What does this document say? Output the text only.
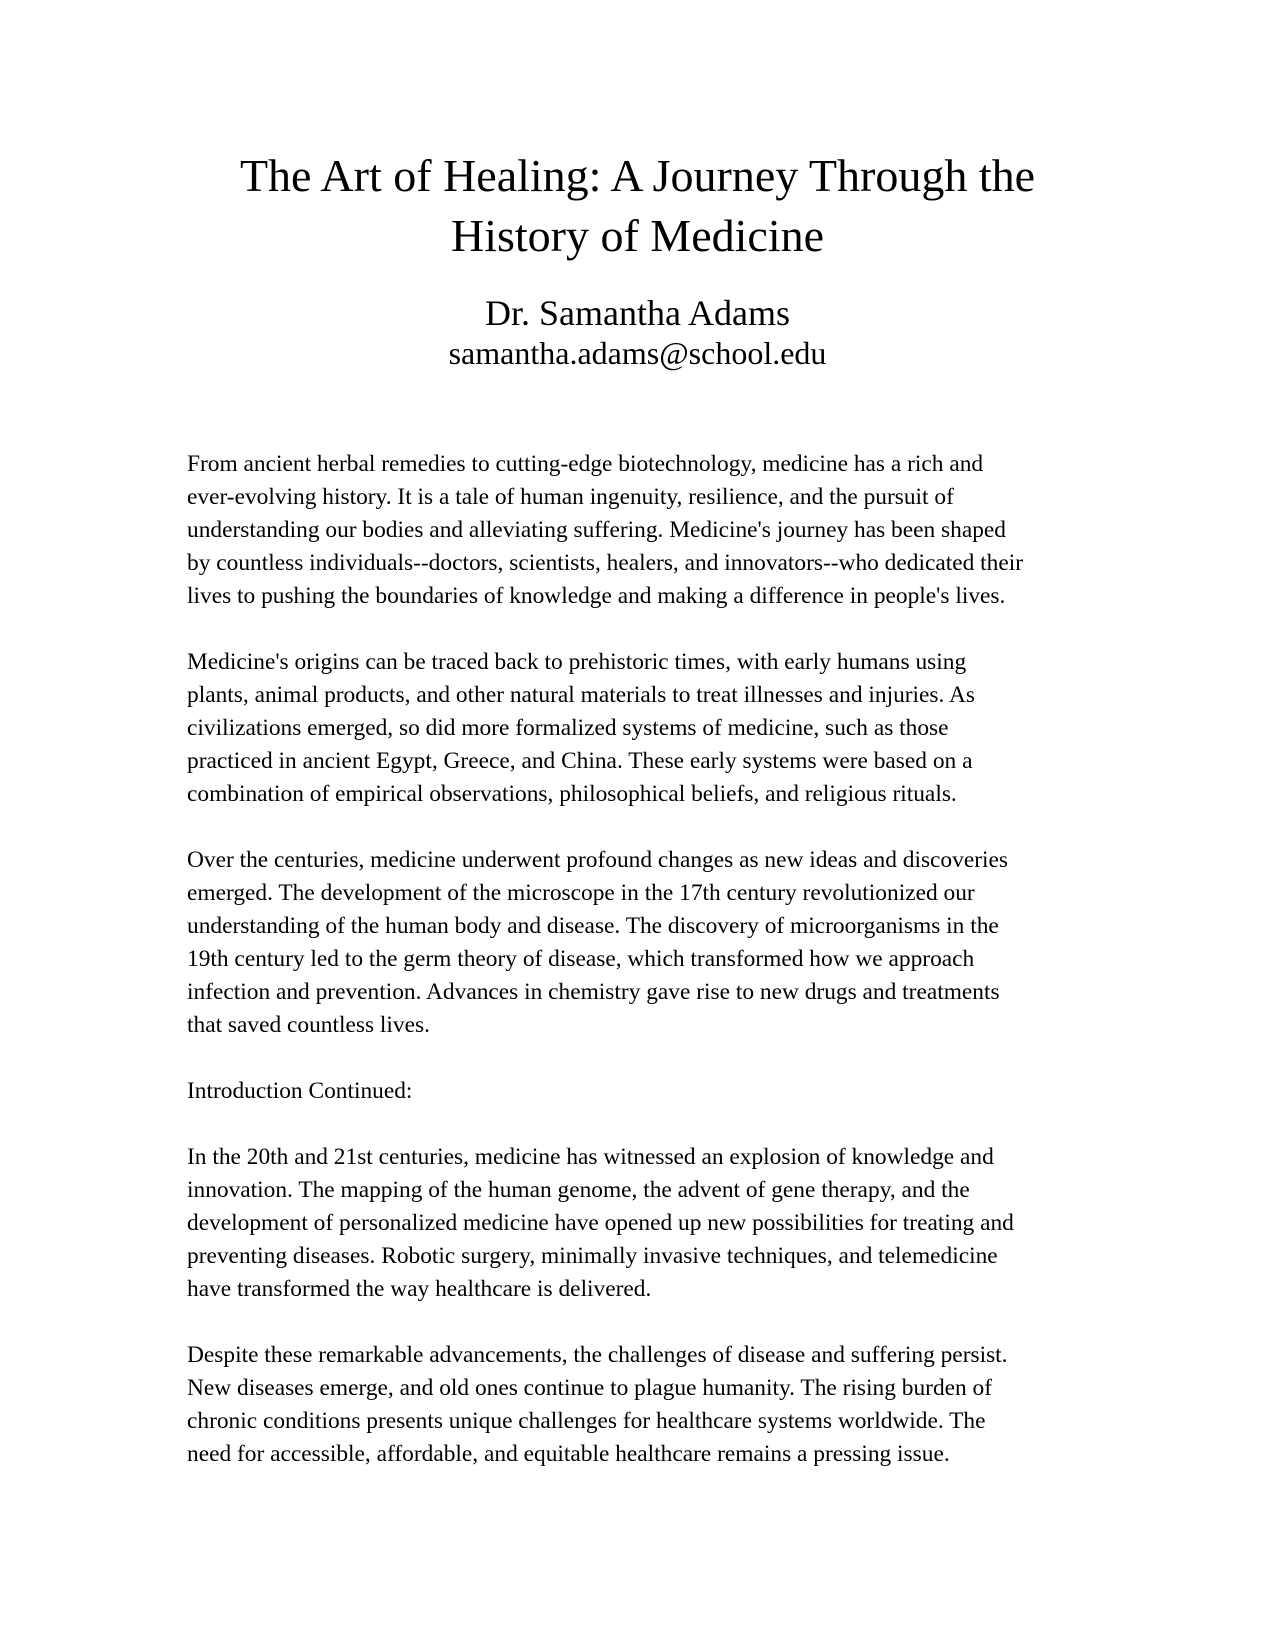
The Art of Healing: A Journey Through the
History of Medicine
Dr. Samantha Adams
samantha.adams@school.edu

From ancient herbal remedies to cutting-edge biotechnology, medicine has a rich and
ever-evolving history. It is a tale of human ingenuity, resilience, and the pursuit of
understanding our bodies and alleviating suffering. Medicine's journey has been shaped
by countless individuals--doctors, scientists, healers, and innovators--who dedicated their
lives to pushing the boundaries of knowledge and making a difference in people's lives.

Medicine's origins can be traced back to prehistoric times, with early humans using
plants, animal products, and other natural materials to treat illnesses and injuries. As
civilizations emerged, so did more formalized systems of medicine, such as those
practiced in ancient Egypt, Greece, and China. These early systems were based on a
combination of empirical observations, philosophical beliefs, and religious rituals.

Over the centuries, medicine underwent profound changes as new ideas and discoveries
emerged. The development of the microscope in the 17th century revolutionized our
understanding of the human body and disease. The discovery of microorganisms in the
19th century led to the germ theory of disease, which transformed how we approach
infection and prevention. Advances in chemistry gave rise to new drugs and treatments
that saved countless lives.

Introduction Continued:

In the 20th and 21st centuries, medicine has witnessed an explosion of knowledge and
innovation. The mapping of the human genome, the advent of gene therapy, and the
development of personalized medicine have opened up new possibilities for treating and
preventing diseases. Robotic surgery, minimally invasive techniques, and telemedicine
have transformed the way healthcare is delivered.

Despite these remarkable advancements, the challenges of disease and suffering persist.
New diseases emerge, and old ones continue to plague humanity. The rising burden of
chronic conditions presents unique challenges for healthcare systems worldwide. The
need for accessible, affordable, and equitable healthcare remains a pressing issue.
